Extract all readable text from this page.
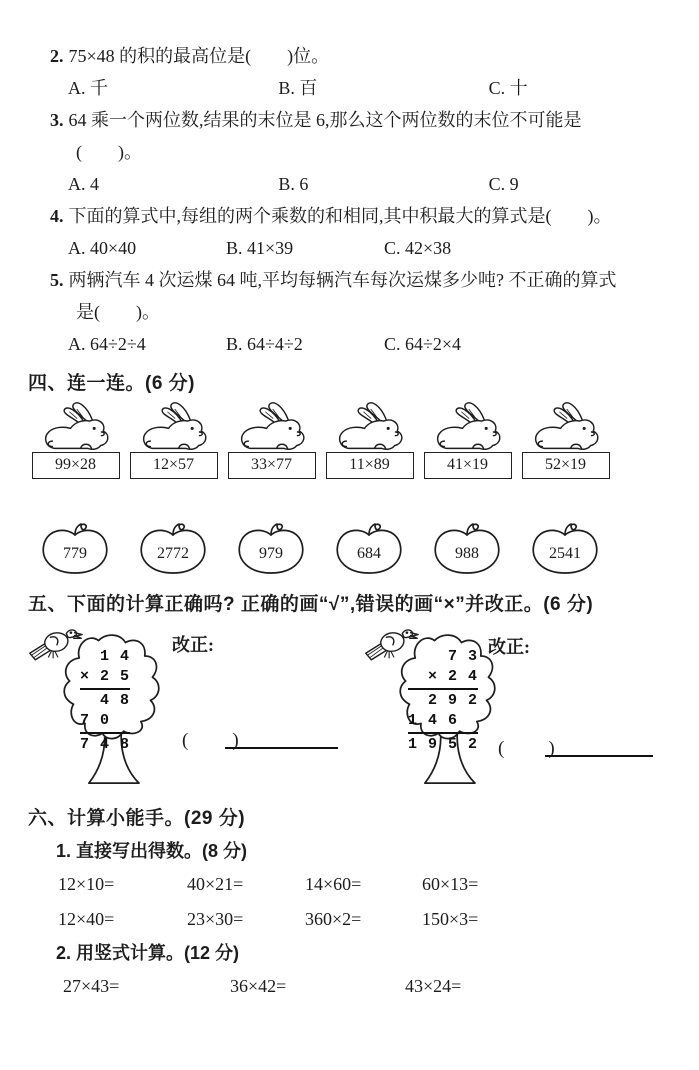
2. 75×48 的积的最高位是(　　)位。
A. 千	B. 百	C. 十
3. 64 乘一个两位数,结果的末位是 6,那么这个两位数的末位不可能是
(　　)。
A. 4	B. 6	C. 9
4. 下面的算式中,每组的两个乘数的和相同,其中积最大的算式是(　　)。
A. 40×40	B. 41×39	C. 42×38
5. 两辆汽车 4 次运煤 64 吨,平均每辆汽车每次运煤多少吨? 不正确的算式
是(　　)。
A. 64÷2÷4	B. 64÷4÷2	C. 64÷2×4
四、连一连。(6 分)
99×28	12×57	33×77	11×89	41×19	52×19
779	2772	979	684	988	2541
五、下面的计算正确吗? 正确的画“√”,错误的画“×”并改正。(6 分)
1 4
× 2 5
4 8
7 0
7 4 8
改正:
(　　)
7 3
× 2 4
2 9 2
1 4 6
1 9 5 2
改正:
(　　)
六、计算小能手。(29 分)
1. 直接写出得数。(8 分)
12×10=	40×21=	14×60=	60×13=
12×40=	23×30=	360×2=	150×3=
2. 用竖式计算。(12 分)
27×43=	36×42=	43×24=
